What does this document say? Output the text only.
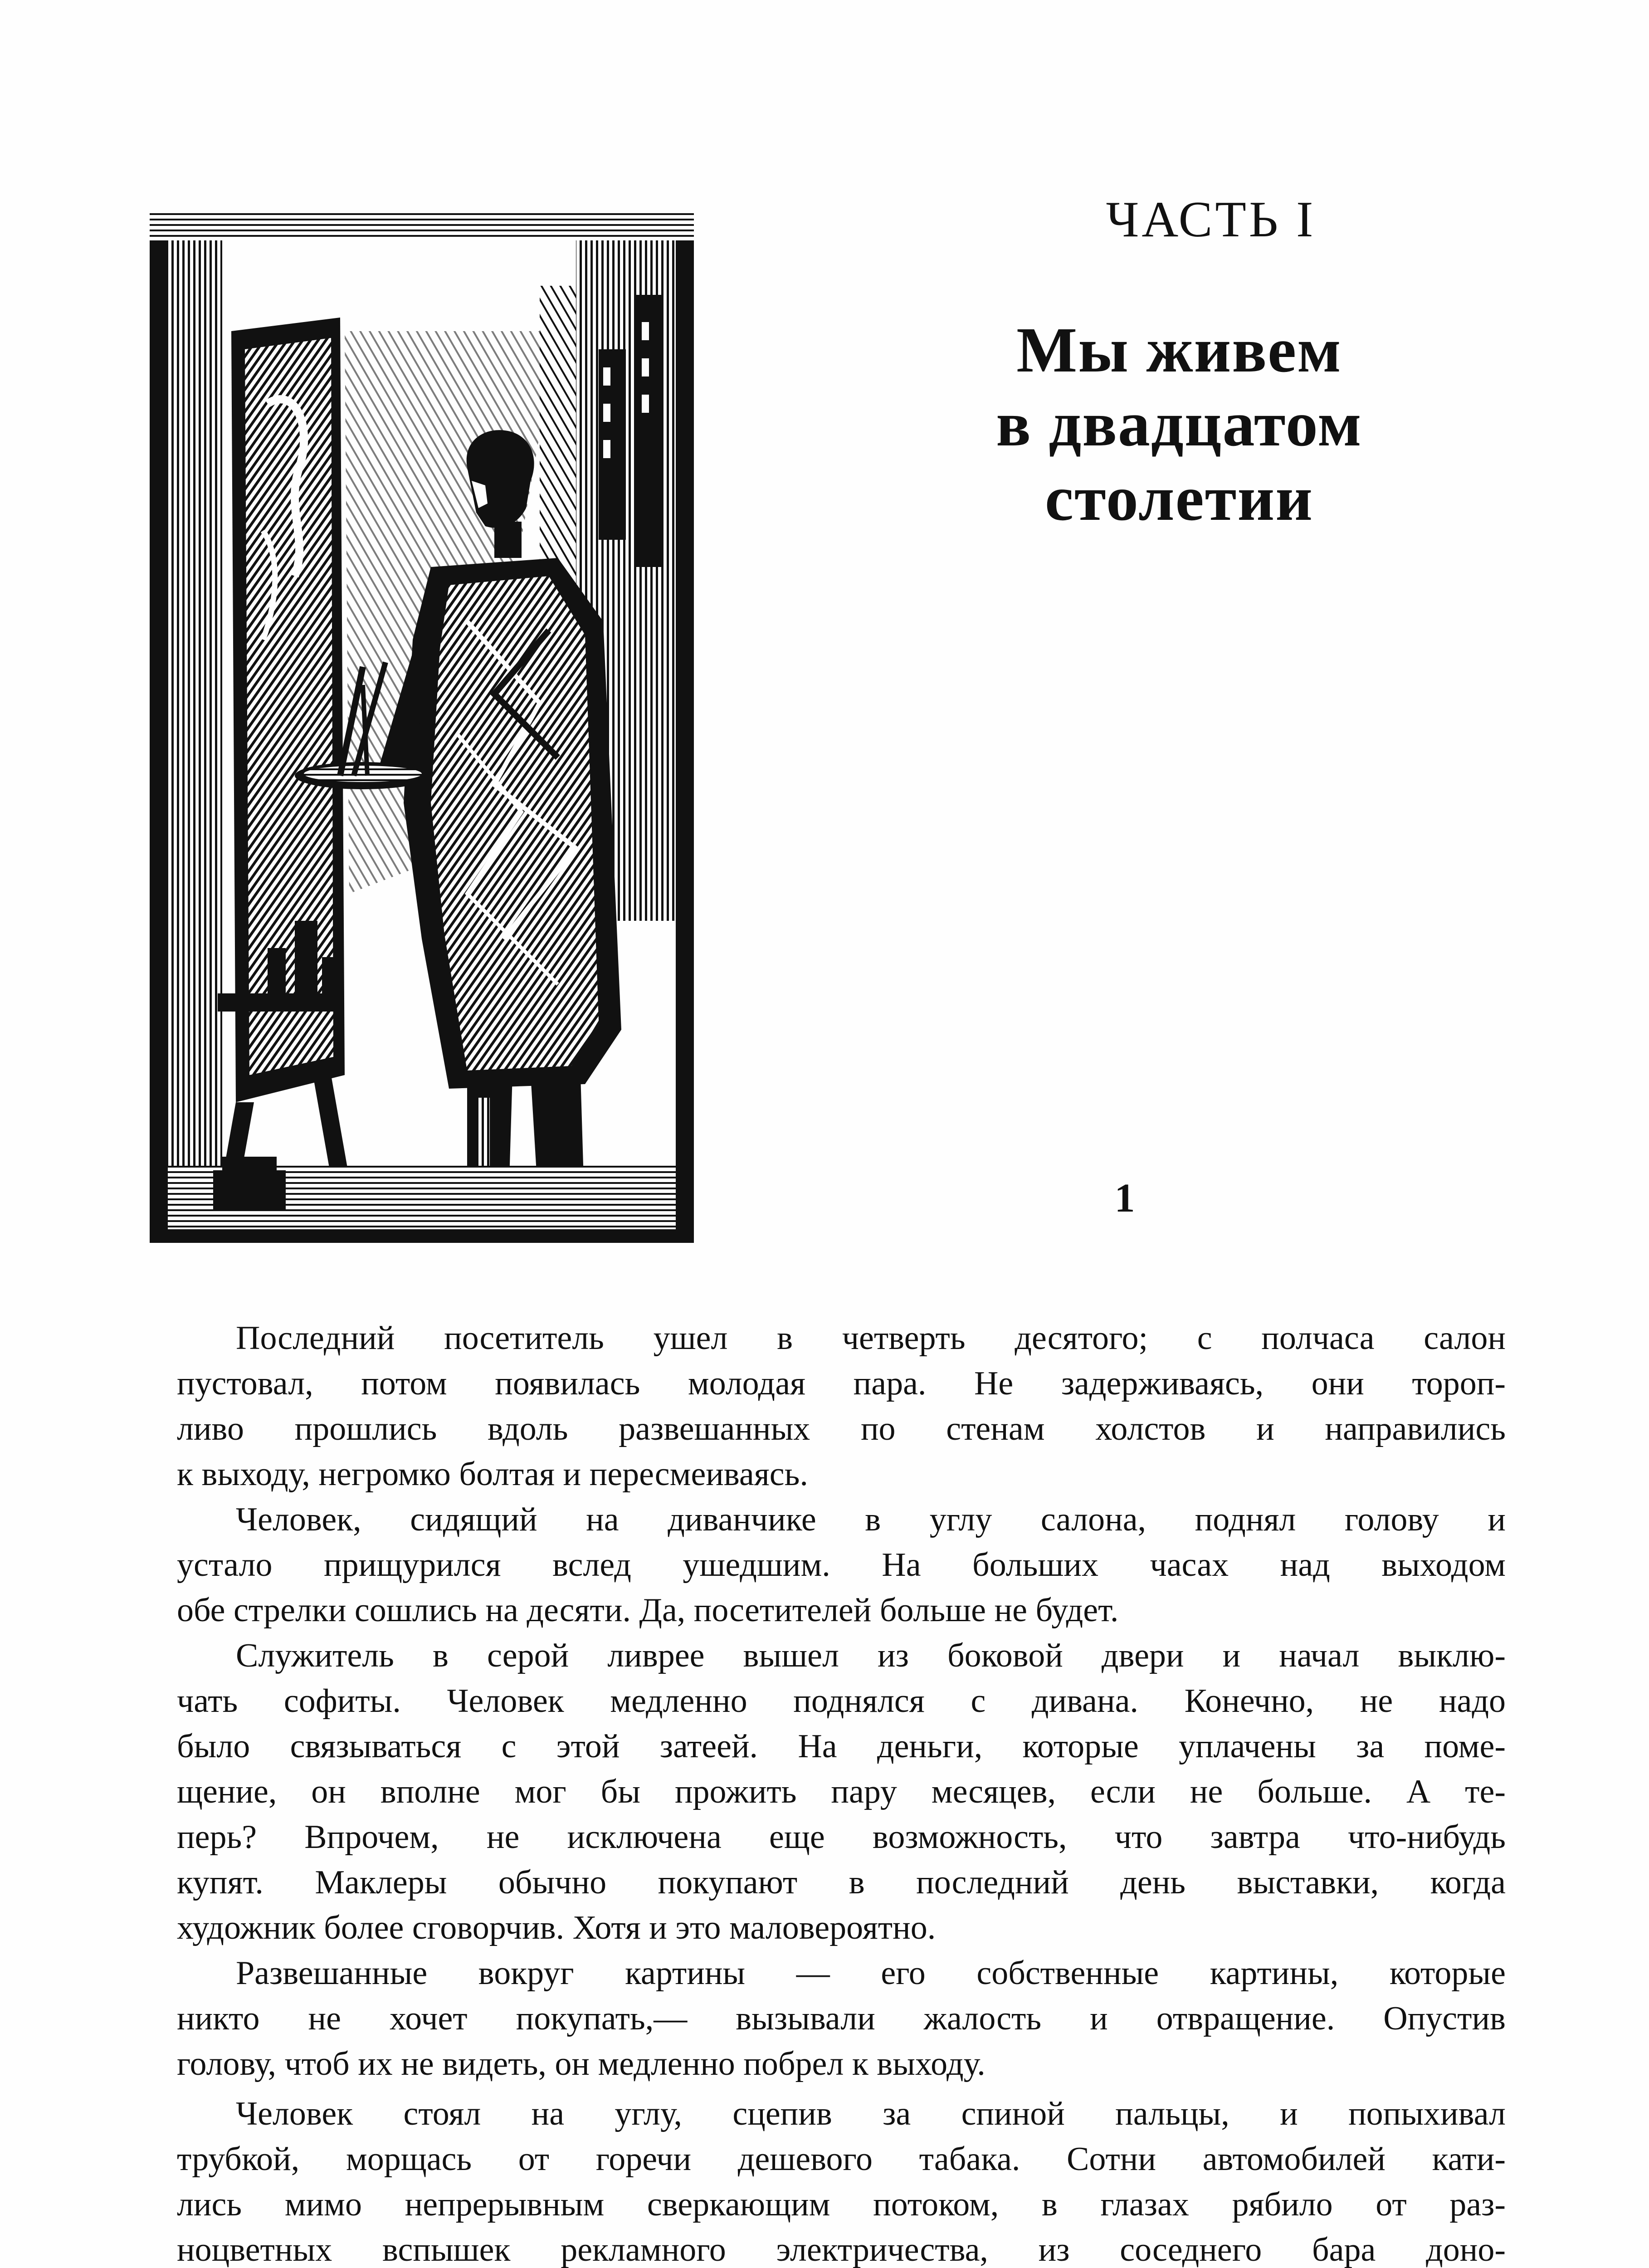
ЧАСТЬ I
Мы живем
в двадцатом
столетии
1
Последний посетитель ушел в четверть десятого; с полчаса салон
пустовал, потом появилась молодая пара. Не задерживаясь, они тороп-
ливо прошлись вдоль развешанных по стенам холстов и направились
к выходу, негромко болтая и пересмеиваясь.
Человек, сидящий на диванчике в углу салона, поднял голову и
устало прищурился вслед ушедшим. На больших часах над выходом
обе стрелки сошлись на десяти. Да, посетителей больше не будет.
Служитель в серой ливрее вышел из боковой двери и начал выклю-
чать софиты. Человек медленно поднялся с дивана. Конечно, не надо
было связываться с этой затеей. На деньги, которые уплачены за поме-
щение, он вполне мог бы прожить пару месяцев, если не больше. А те-
перь? Впрочем, не исключена еще возможность, что завтра что-нибудь
купят. Маклеры обычно покупают в последний день выставки, когда
художник более сговорчив. Хотя и это маловероятно.
Развешанные вокруг картины — его собственные картины, которые
никто не хочет покупать,— вызывали жалость и отвращение. Опустив
голову, чтоб их не видеть, он медленно побрел к выходу.
Человек стоял на углу, сцепив за спиной пальцы, и попыхивал
трубкой, морщась от горечи дешевого табака. Сотни автомобилей кати-
лись мимо непрерывным сверкающим потоком, в глазах рябило от раз-
ноцветных вспышек рекламного электричества, из соседнего бара доно-
